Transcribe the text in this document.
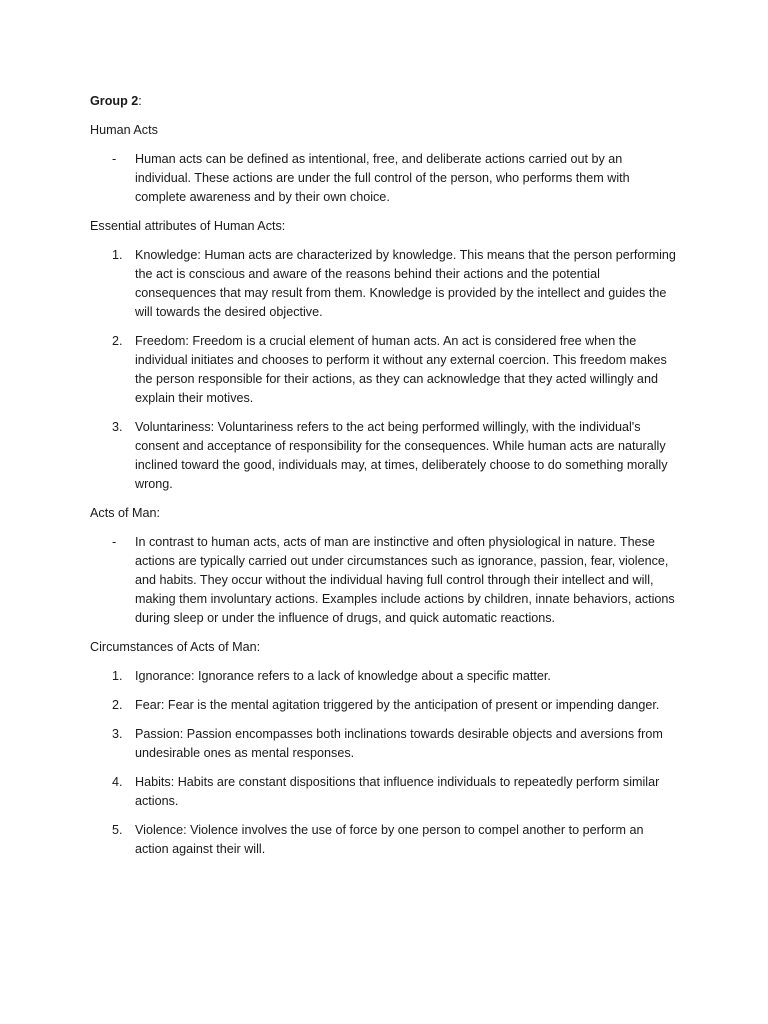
Group 2:

Human Acts

-	Human acts can be defined as intentional, free, and deliberate actions carried out by an individual. These actions are under the full control of the person, who performs them with complete awareness and by their own choice.

Essential attributes of Human Acts:

1. Knowledge: Human acts are characterized by knowledge. This means that the person performing the act is conscious and aware of the reasons behind their actions and the potential consequences that may result from them. Knowledge is provided by the intellect and guides the will towards the desired objective.
2. Freedom: Freedom is a crucial element of human acts. An act is considered free when the individual initiates and chooses to perform it without any external coercion. This freedom makes the person responsible for their actions, as they can acknowledge that they acted willingly and explain their motives.
3. Voluntariness: Voluntariness refers to the act being performed willingly, with the individual's consent and acceptance of responsibility for the consequences. While human acts are naturally inclined toward the good, individuals may, at times, deliberately choose to do something morally wrong.

Acts of Man:

-	In contrast to human acts, acts of man are instinctive and often physiological in nature. These actions are typically carried out under circumstances such as ignorance, passion, fear, violence, and habits. They occur without the individual having full control through their intellect and will, making them involuntary actions. Examples include actions by children, innate behaviors, actions during sleep or under the influence of drugs, and quick automatic reactions.

Circumstances of Acts of Man:

1. Ignorance: Ignorance refers to a lack of knowledge about a specific matter.
2. Fear: Fear is the mental agitation triggered by the anticipation of present or impending danger.
3. Passion: Passion encompasses both inclinations towards desirable objects and aversions from undesirable ones as mental responses.
4. Habits: Habits are constant dispositions that influence individuals to repeatedly perform similar actions.
5. Violence: Violence involves the use of force by one person to compel another to perform an action against their will.
